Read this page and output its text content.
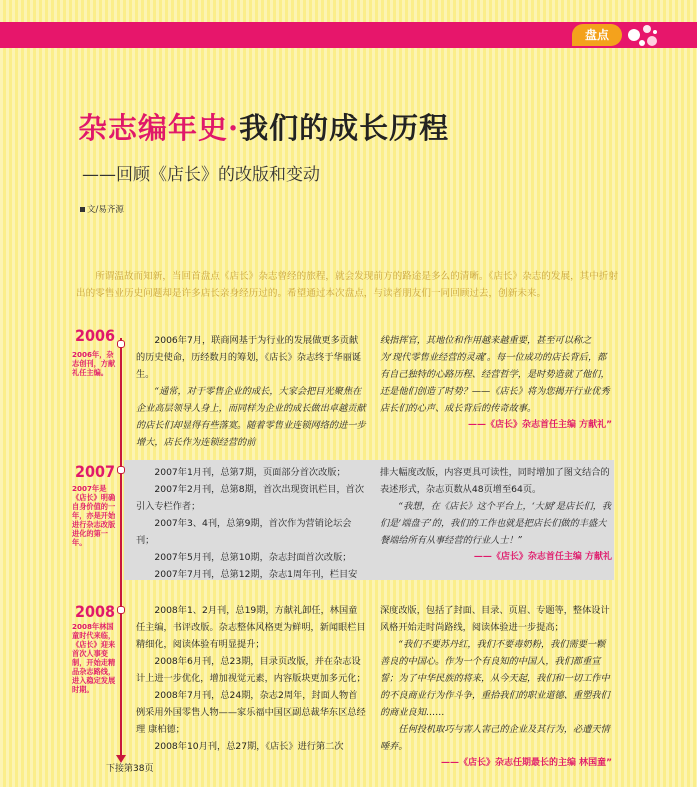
盘点
杂志编年史·我们的成长历程
——回顾《店长》的改版和变动
文/易齐源
所谓温故而知新，当回首盘点《店长》杂志曾经的旅程，就会发现前方的路途是多么的清晰。《店长》杂志的发展，其中折射出的零售业历史问题却是许多店长亲身经历过的。希望通过本次盘点，与读者朋友们一同回顾过去，创新未来。
2006
2006年，杂志创刊，方献礼任主编。

2006年7月，联商网基于为行业的发展做更多贡献的历史使命，历经数月的筹划，《店长》杂志终于华丽诞生。

“通常，对于零售企业的成长，大家会把目光聚焦在企业高层领导人身上，而同样为企业的成长做出卓越贡献的店长们却显得有些落寞。随着零售业连锁网络的进一步增大，店长作为连锁经营的前

线指挥官，其地位和作用越来越重要，甚至可以称之为‘现代零售业经营的灵魂’。每一位成功的店长背后，都有自己独特的心路历程、经营哲学，是时势造就了他们，还是他们创造了时势？——《店长》将为您揭开行业优秀店长们的心声、成长背后的传奇故事。

——《店长》杂志首任主编 方献礼”

2007
2007年是《店长》明确自身价值的一年，亦是开始进行杂志改版进化的第一年。

2007年1月刊，总第7期，页面部分首次改版；

2007年2月刊，总第8期，首次出现资讯栏目，首次引入专栏作者；

2007年3、4刊，总第9期，首次作为营销论坛会刊；

2007年5月刊，总第10期，杂志封面首次改版；

2007年7月刊，总第12期，杂志1周年刊，栏目安

排大幅度改版，内容更具可读性，同时增加了图文结合的表述形式，杂志页数从48页增至64页。

“我想，在《店长》这个平台上，‘大厨’是店长们，我们是‘端盘子’的，我们的工作也就是把店长们做的丰盛大餐端给所有从事经营的行业人士！”

——《店长》杂志首任主编 方献礼

2008
2008年林国童时代来临，《店长》迎来首次人事变制，开始走精品杂志路线，进入稳定发展时期。

2008年1、2月刊，总19期，方献礼卸任，林国童任主编，书评改版。杂志整体风格更为鲜明，新闻眼栏目精细化，阅读体验有明显提升；

2008年6月刊，总23期，目录页改版，并在杂志设计上进一步优化，增加视觉元素，内容版块更加多元化；

2008年7月刊，总24期，杂志2周年，封面人物首例采用外国零售人物——家乐福中国区副总裁华东区总经理 康柏德；

2008年10月刊，总27期，《店长》进行第二次

深度改版，包括了封面、目录、页眉、专题等，整体设计风格开始走时尚路线，阅读体验进一步提高；

“我们不要苏丹红，我们不要毒奶粉，我们需要一颗善良的中国心。作为一个有良知的中国人，我们都重宣誓；为了中华民族的将来，从今天起，我们和一切工作中的不良商业行为作斗争，重拾我们的职业道德、重塑我们的商业良知……

任何投机取巧与害人害己的企业及其行为，必遭天情唾弃。

——《店长》杂志任期最长的主编 林国童”

下接第38页
